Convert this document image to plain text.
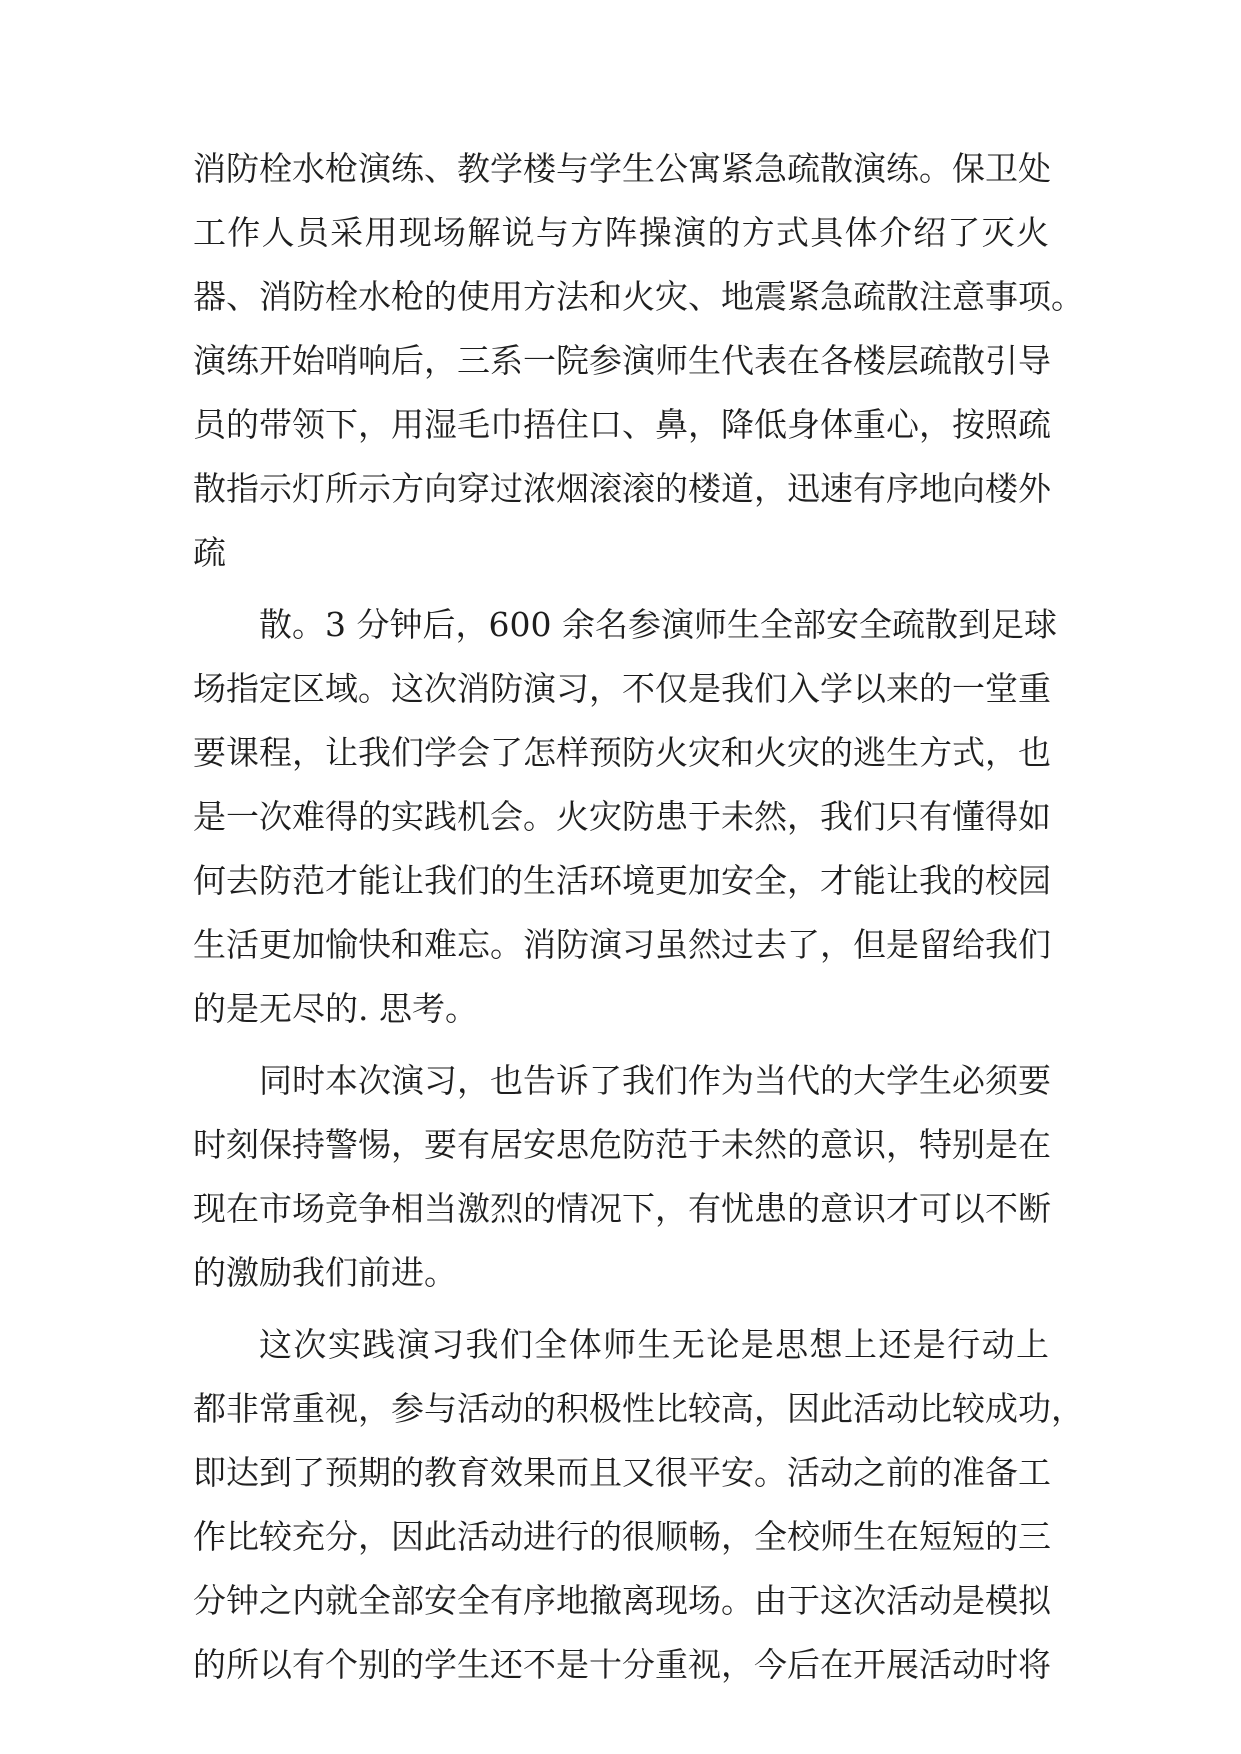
消防栓水枪演练、教学楼与学生公寓紧急疏散演练。保卫处
工作人员采用现场解说与方阵操演的方式具体介绍了灭火
器、消防栓水枪的使用方法和火灾、地震紧急疏散注意事项。
演练开始哨响后，三系一院参演师生代表在各楼层疏散引导
员的带领下，用湿毛巾捂住口、鼻，降低身体重心，按照疏
散指示灯所示方向穿过浓烟滚滚的楼道，迅速有序地向楼外
疏
散。3 分钟后，600 余名参演师生全部安全疏散到足球
场指定区域。这次消防演习，不仅是我们入学以来的一堂重
要课程，让我们学会了怎样预防火灾和火灾的逃生方式，也
是一次难得的实践机会。火灾防患于未然，我们只有懂得如
何去防范才能让我们的生活环境更加安全，才能让我的校园
生活更加愉快和难忘。消防演习虽然过去了，但是留给我们
的是无尽的. 思考。
同时本次演习，也告诉了我们作为当代的大学生必须要
时刻保持警惕，要有居安思危防范于未然的意识，特别是在
现在市场竞争相当激烈的情况下，有忧患的意识才可以不断
的激励我们前进。
这次实践演习我们全体师生无论是思想上还是行动上
都非常重视，参与活动的积极性比较高，因此活动比较成功，
即达到了预期的教育效果而且又很平安。活动之前的准备工
作比较充分，因此活动进行的很顺畅，全校师生在短短的三
分钟之内就全部安全有序地撤离现场。由于这次活动是模拟
的所以有个别的学生还不是十分重视，今后在开展活动时将
